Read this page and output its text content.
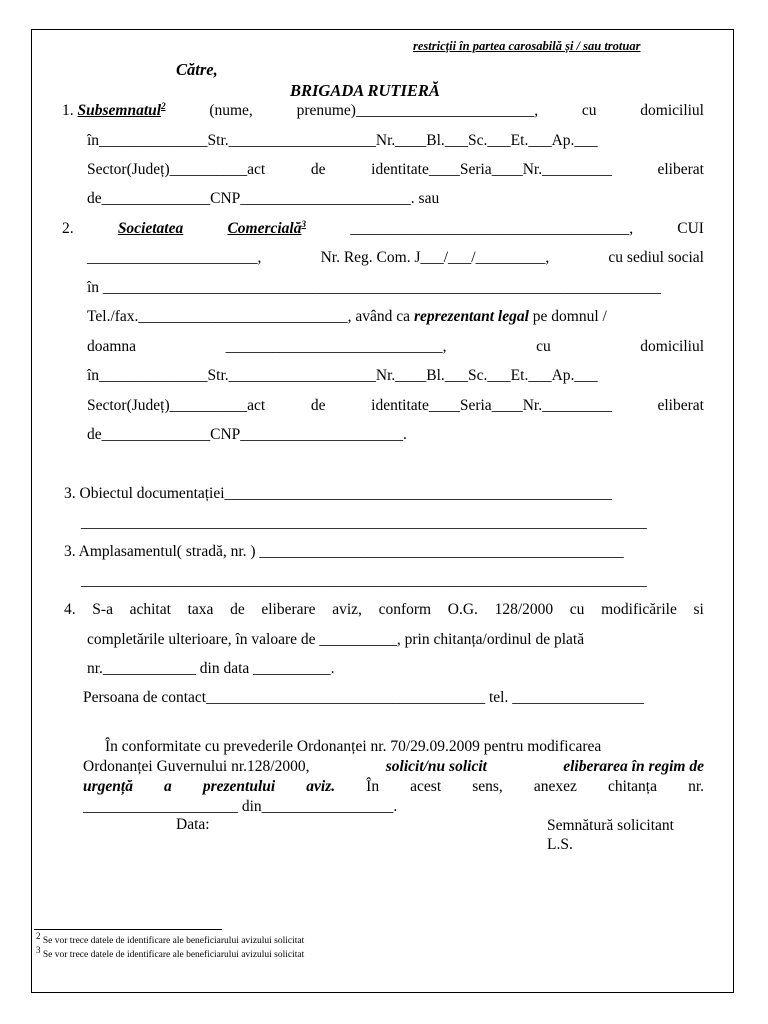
restricții în partea carosabilă și / sau trotuar
Către,
BRIGADA RUTIERĂ
1. Subsemnatul$^2$	(nume,	prenume)_______________________,	cu	domiciliul
în______________Str.___________________Nr.____Bl.___Sc.___Et.___Ap.___
Sector(Județ)__________act	de	identitate____Seria____Nr._________	eliberat
de______________CNP______________________. sau
2.	Societatea	Comercială$^3$	____________________________________,	CUI
______________________,	Nr. Reg. Com. J___/___/_________,	cu sediul social
în ________________________________________________________________________
Tel./fax.___________________________, având ca reprezentant legal pe domnul /
doamna	____________________________,	cu	domiciliul
în______________Str.___________________Nr.____Bl.___Sc.___Et.___Ap.___
Sector(Județ)__________act	de	identitate____Seria____Nr._________	eliberat
de______________CNP_____________________.
3. Obiectul documentației__________________________________________________
_________________________________________________________________________
3. Amplasamentul( stradă, nr. ) _______________________________________________
_________________________________________________________________________
4. S-a achitat taxa de eliberare aviz, conform O.G. 128/2000 cu modificările si
completările ulterioare, în valoare de __________, prin chitanța/ordinul de plată
nr.____________ din data __________.
Persoana de contact____________________________________ tel. _________________
În conformitate cu prevederile Ordonanței nr. 70/29.09.2009 pentru modificarea
Ordonanței Guvernului nr.128/2000,	solicit/nu solicit	eliberarea în regim de
urgență a prezentului aviz. În acest sens, anexez chitanța nr.
____________________ din_________________.
Data:	Semnătură solicitant
L.S.
$^2$ Se vor trece datele de identificare ale beneficiarului avizului solicitat
$^3$ Se vor trece datele de identificare ale beneficiarului avizului solicitat
